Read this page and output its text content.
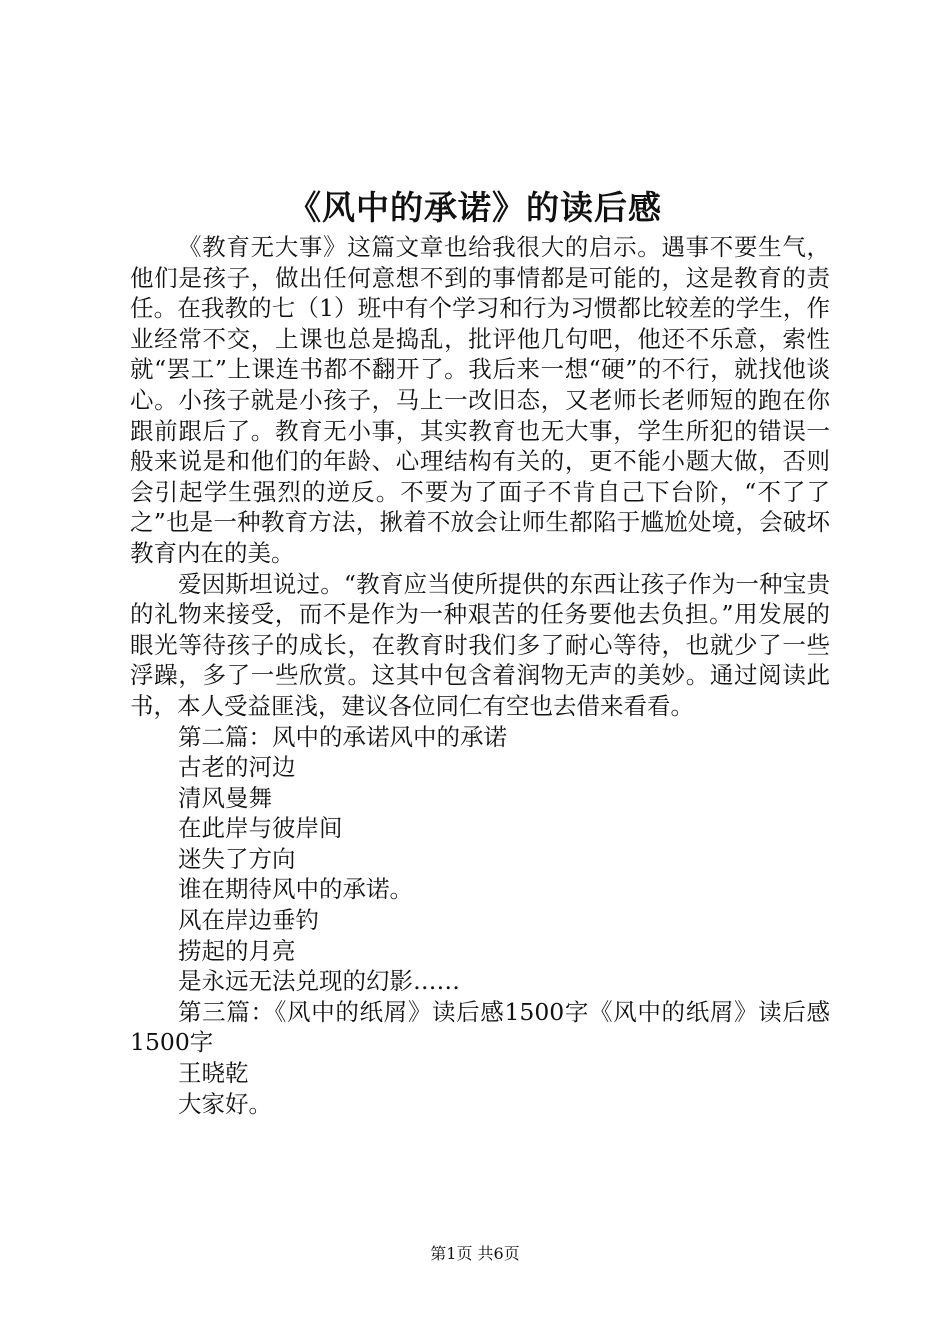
《风中的承诺》的读后感

《教育无大事》这篇文章也给我很大的启示。遇事不要生气，他们是孩子，做出任何意想不到的事情都是可能的，这是教育的责任。在我教的七（1）班中有个学习和行为习惯都比较差的学生，作业经常不交，上课也总是捣乱，批评他几句吧，他还不乐意，索性就“罢工”上课连书都不翻开了。我后来一想“硬”的不行，就找他谈心。小孩子就是小孩子，马上一改旧态，又老师长老师短的跑在你跟前跟后了。教育无小事，其实教育也无大事，学生所犯的错误一般来说是和他们的年龄、心理结构有关的，更不能小题大做，否则会引起学生强烈的逆反。不要为了面子不肯自己下台阶，“不了了之”也是一种教育方法，揪着不放会让师生都陷于尴尬处境，会破坏教育内在的美。

爱因斯坦说过。“教育应当使所提供的东西让孩子作为一种宝贵的礼物来接受，而不是作为一种艰苦的任务要他去负担。”用发展的眼光等待孩子的成长，在教育时我们多了耐心等待，也就少了一些浮躁，多了一些欣赏。这其中包含着润物无声的美妙。通过阅读此书，本人受益匪浅，建议各位同仁有空也去借来看看。

第二篇：风中的承诺风中的承诺

古老的河边

清风曼舞

在此岸与彼岸间

迷失了方向

谁在期待风中的承诺。

风在岸边垂钓

捞起的月亮

是永远无法兑现的幻影……

第三篇：《风中的纸屑》读后感1500字《风中的纸屑》读后感1500字

王晓乾

大家好。

第1页 共6页
